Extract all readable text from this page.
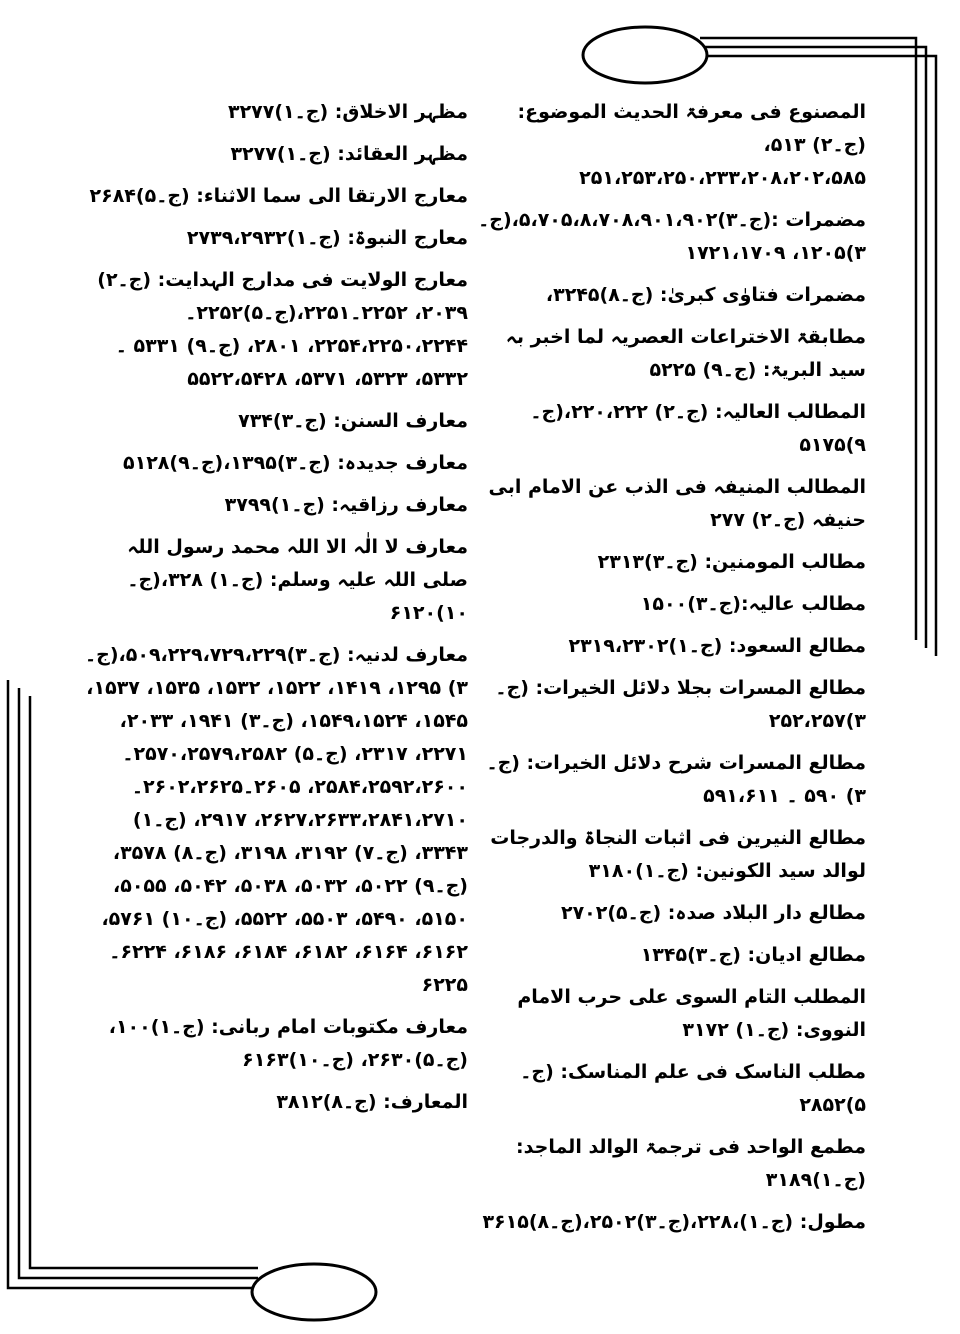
المصنوع فی معرفۃ الحدیث الموضوع: (ج۔۲) ۵۱۳، ۲۵۱،۲۵۳،۲۵۰،۲۳۳،۲۰۸،۲۰۲،۵۸۵

مضمرات :(ج۔۳)۵،۷۰۵،۸،۷۰۸،۹۰۱،۹۰۲،(ج۔۳)۱۲۰۵، ۱۷۲۱،۱۷۰۹

مضمرات فتاوٰی کبریٰ: (ج۔۸)۳۲۴۵،

مطابقۃ الاختراعات العصریہ لما اخبر بہ سید البریۃ: (ج۔۹) ۵۲۲۵

المطالب العالیہ: (ج۔۲) ۲۲۰،۲۲۲،(ج۔۹)۵۱۷۵

المطالب المنیفہ فی الذب عن الامام ابی حنیفہ (ج۔۲) ۲۷۷

مطالب المومنین: (ج۔۳)۲۳۱۳

مطالب عالیہ:(ج۔۳)۱۵۰۰

مطالع السعود: (ج۔۱)۲۳۱۹،۲۳۰۲

مطالع المسرات بجلا دلائل الخیرات: (ج۔۳)۲۵۲،۲۵۷

مطالع المسرات شرح دلائل الخیرات: (ج۔۳) ۵۹۰ ۔ ۵۹۱،۶۱۱

مطالع النیرین فی اثبات النجاۃ والدرجات لوالد سید الکونین: (ج۔۱)۳۱۸۰

مطالع دار البلاد صدہ: (ج۔۵)۲۷۰۲

مطالع ادیان: (ج۔۳)۱۳۴۵

المطلب التام السوی علی حرب الامام النووی: (ج۔۱) ۳۱۷۲

مطلب الناسک فی علم المناسک: (ج۔۵)۲۸۵۲

مطمع الواحد فی ترجمۃ الوالد الماجد: (ج۔۱)۳۱۸۹

مطول: (ج۔۱)،۲۲۸،(ج۔۳)۲۵۰۲،(ج۔۸)۳۶۱۵

مظہر الاخلاق: (ج۔۱)۳۲۷۷

مظہر العقائد: (ج۔۱)۳۲۷۷

معارج الارتقا الی سما الاثناء: (ج۔۵)۲۶۸۴

معارج النبوۃ: (ج۔۱)۲۷۳۹،۲۹۳۲

معارج الولایت فی مدارج الہدایت: (ج۔۲) ۲۰۳۹، ۲۲۵۲۔۲۲۵۱،(ج۔۵)۲۲۵۲۔۲۲۵۴،۲۲۵۰،۲۲۴۴، ۲۸۰۱، (ج۔۹) ۵۳۳۱ ۔ ۵۳۳۲، ۵۳۲۳، ۵۳۷۱، ۵۵۲۲،۵۴۲۸

معارف السنن: (ج۔۳)۷۳۴

معارف جدیدہ: (ج۔۳)۱۳۹۵،(ج۔۹)۵۱۲۸

معارف رزاقیہ: (ج۔۱)۳۷۹۹

معارف لا الٰہ الا اللہ محمد رسول اللہ صلی اللہ علیہ وسلم: (ج۔۱) ۳۲۸،(ج۔۱۰)۶۱۲۰

معارف لدنیہ: (ج۔۳)۵۰۹،۲۲۹،۷۲۹،۲۲۹،(ج۔۳) ۱۲۹۵، ۱۴۱۹، ۱۵۲۲، ۱۵۳۲، ۱۵۳۵، ۱۵۳۷، ۱۵۴۵، ۱۵۴۹،۱۵۲۴، (ج۔۳) ۱۹۴۱، ۲۰۳۳، ۲۲۷۱، ۲۳۱۷، (ج۔۵) ۲۵۷۰،۲۵۷۹،۲۵۸۲۔۲۵۸۴،۲۵۹۲،۲۶۰۰، ۲۶۰۵۔۲۶۰۲،۲۶۲۵۔۲۶۲۷،۲۶۳۳،۲۸۴۱،۲۷۱۰، ۲۹۱۷، (ج۔۱) ۳۳۴۳، (ج۔۷) ۳۱۹۲، ۳۱۹۸، (ج۔۸) ۳۵۷۸، (ج۔۹) ۵۰۲۲، ۵۰۳۲، ۵۰۳۸، ۵۰۴۲، ۵۰۵۵، ۵۱۵۰، ۵۴۹۰، ۵۵۰۳، ۵۵۲۲، (ج۔۱۰) ۵۷۶۱، ۶۱۶۲، ۶۱۶۴، ۶۱۸۲، ۶۱۸۴، ۶۱۸۶، ۶۲۲۴۔۶۲۲۵

معارف مکتوبات امام ربانی: (ج۔۱)۱۰۰،(ج۔۵)۲۶۳۰، (ج۔۱۰)۶۱۶۳

المعارف: (ج۔۸)۳۸۱۲
